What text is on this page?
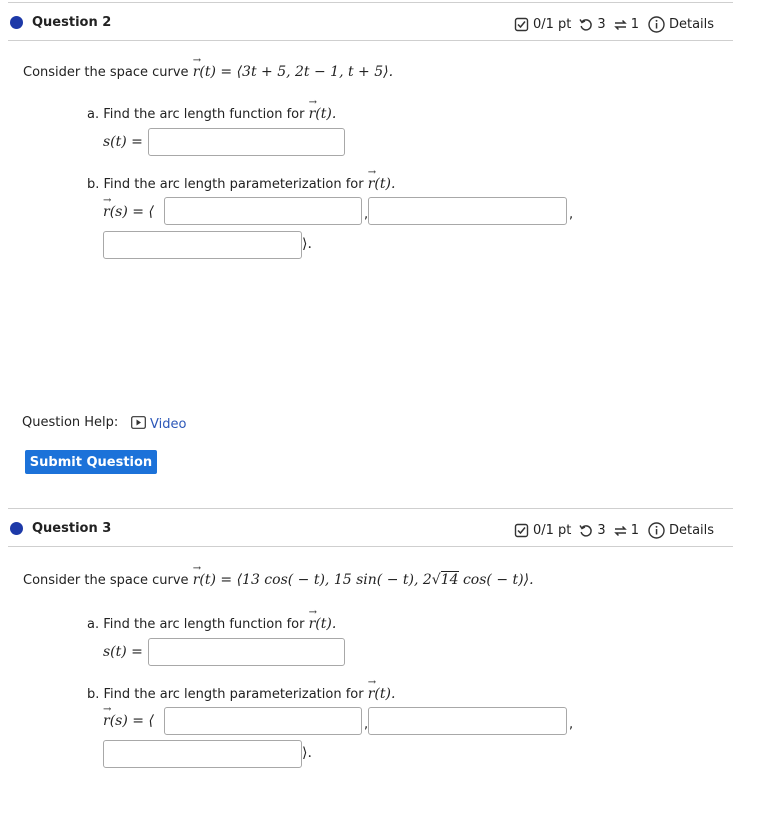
Question 2	0/1 pt 3 1 Details
Consider the space curve → r(t) = ⟨3t + 5, 2t − 1, t + 5⟩.
a. Find the arc length function for → r(t).
s(t) =
b. Find the arc length parameterization for → r(t).
→ r(s) = ⟨	,	,
⟩.
Question Help: Video
Submit Question
Question 3	0/1 pt 3 1 Details
Consider the space curve → r(t) = ⟨13 cos( − t), 15 sin( − t), 2√14 cos( − t)⟩.
a. Find the arc length function for → r(t).
s(t) =
b. Find the arc length parameterization for → r(t).
→ r(s) = ⟨	,	,
⟩.
